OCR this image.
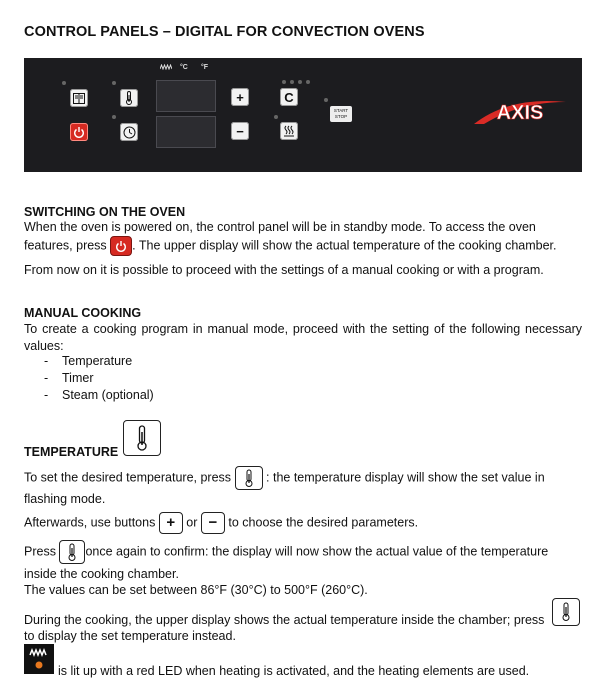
CONTROL PANELS – DIGITAL FOR CONVECTION OVENS
°C °F
+
−
C
START
STOP	AXIS
SWITCHING ON THE OVEN
When the oven is powered on, the control panel will be in standby mode. To access the oven
features, press . The upper display will show the actual temperature of the cooking chamber.
From now on it is possible to proceed with the settings of a manual cooking or with a program.
MANUAL COOKING
To create a cooking program in manual mode, proceed with the setting of the following necessary values:
- Temperature
- Timer
- Steam (optional)
TEMPERATURE
To set the desired temperature, press	: the temperature display will show the set value in
flashing mode.
Afterwards, use buttons + or − to choose the desired parameters.
Press once again to confirm: the display will now show the actual value of the temperature
inside the cooking chamber.
The values can be set between 86°F (30°C) to 500°F (260°C).
During the cooking, the upper display shows the actual temperature inside the chamber; press
to display the set temperature instead.
is lit up with a red LED when heating is activated, and the heating elements are used.
